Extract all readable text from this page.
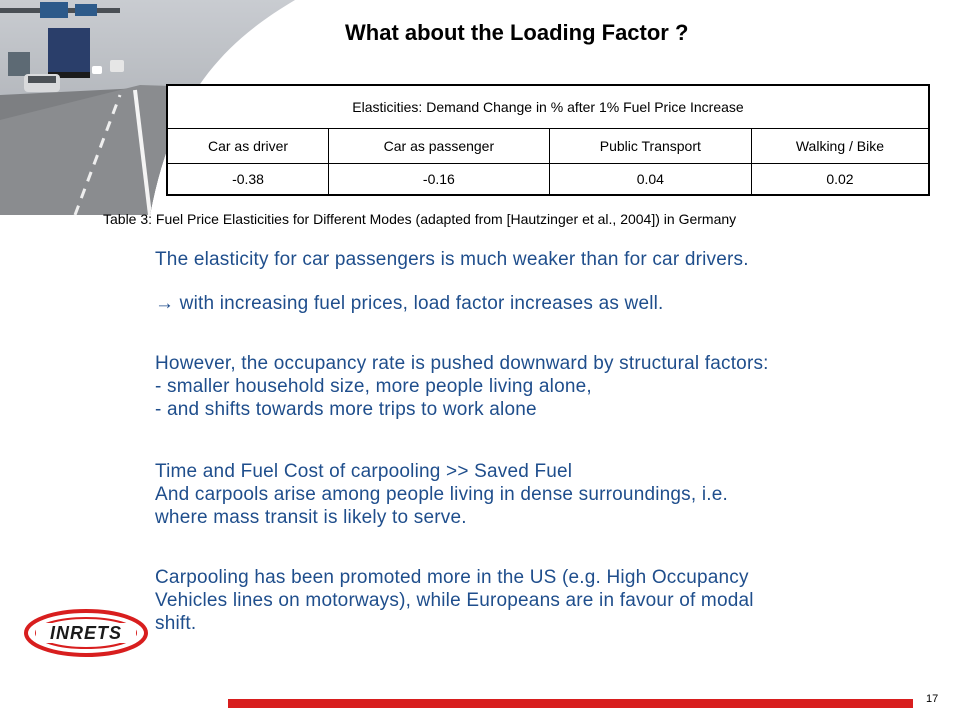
What about the Loading Factor ?
Elasticities: Demand Change in % after 1% Fuel Price Increase			
Car as driver	Car as passenger	Public Transport	Walking / Bike
-0.38	-0.16	0.04	0.02
Table 3: Fuel Price Elasticities for Different Modes (adapted from [Hautzinger et al., 2004]) in Germany

The elasticity for car passengers is much weaker than for car drivers.

→ with increasing fuel prices, load factor increases as well.

However, the occupancy rate is pushed downward by structural factors:

- smaller household size, more people living alone,

- and shifts towards more trips to work alone

Time and Fuel Cost of carpooling >> Saved Fuel

And carpools arise among people living in dense surroundings, i.e.

where mass transit is likely to serve.

Carpooling has been promoted more in the US (e.g. High Occupancy

Vehicles lines on motorways), while Europeans are in favour of modal

shift.

INRETS
17
